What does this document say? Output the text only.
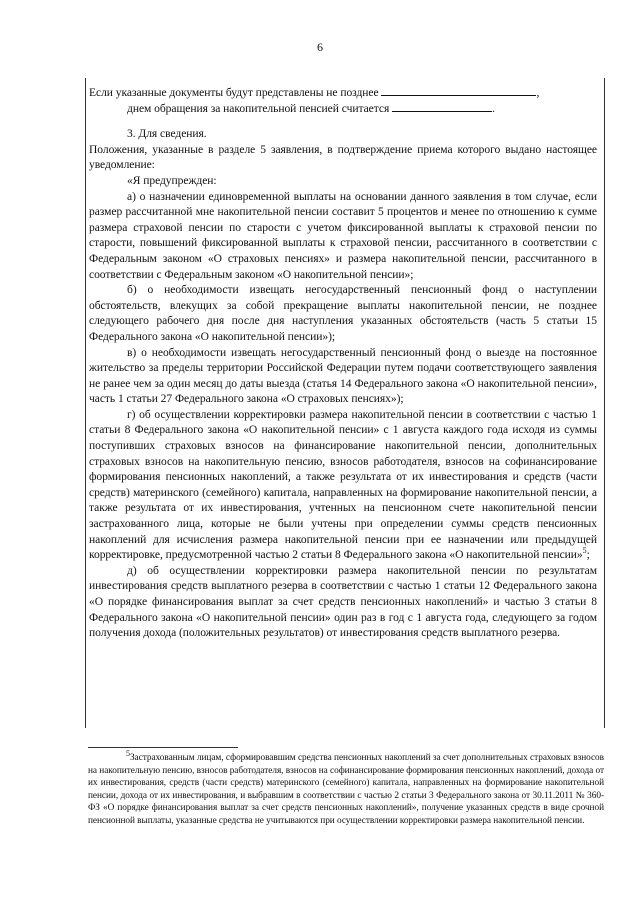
6

Если указанные документы будут представлены не позднее	,

днем обращения за накопительной пенсией считается	.

3. Для сведения.

Положения, указанные в разделе 5 заявления, в подтверждение приема которого выдано настоящее уведомление:

«Я предупрежден:

а) о назначении единовременной выплаты на основании данного заявления в том случае, если размер рассчитанной мне накопительной пенсии составит 5 процентов и менее по отношению к сумме размера страховой пенсии по старости с учетом фиксированной выплаты к страховой пенсии по старости, повышений фиксированной выплаты к страховой пенсии, рассчитанного в соответствии с Федеральным законом «О страховых пенсиях» и размера накопительной пенсии, рассчитанного в соответствии с Федеральным законом «О накопительной пенсии»;

б) о необходимости извещать негосударственный пенсионный фонд о наступлении обстоятельств, влекущих за собой прекращение выплаты накопительной пенсии, не позднее следующего рабочего дня после дня наступления указанных обстоятельств (часть 5 статьи 15 Федерального закона «О накопительной пенсии»);

в) о необходимости извещать негосударственный пенсионный фонд о выезде на постоянное жительство за пределы территории Российской Федерации путем подачи соответствующего заявления не ранее чем за один месяц до даты выезда (статья 14 Федерального закона «О накопительной пенсии», часть 1 статьи 27 Федерального закона «О страховых пенсиях»);

г) об осуществлении корректировки размера накопительной пенсии в соответствии с частью 1 статьи 8 Федерального закона «О накопительной пенсии» с 1 августа каждого года исходя из суммы поступивших страховых взносов на финансирование накопительной пенсии, дополнительных страховых взносов на накопительную пенсию, взносов работодателя, взносов на софинансирование формирования пенсионных накоплений, а также результата от их инвестирования и средств (части средств) материнского (семейного) капитала, направленных на формирование накопительной пенсии, а также результата от их инвестирования, учтенных на пенсионном счете накопительной пенсии застрахованного лица, которые не были учтены при определении суммы средств пенсионных накоплений для исчисления размера накопительной пенсии при ее назначении или предыдущей корректировке, предусмотренной частью 2 статьи 8 Федерального закона «О накопительной пенсии»$^5$;

д) об осуществлении корректировки размера накопительной пенсии по результатам инвестирования средств выплатного резерва в соответствии с частью 1 статьи 12 Федерального закона «О порядке финансирования выплат за счет средств пенсионных накоплений» и частью 3 статьи 8 Федерального закона «О накопительной пенсии» один раз в год с 1 августа года, следующего за годом получения дохода (положительных результатов) от инвестирования средств выплатного резерва.

5Застрахованным лицам, сформировавшим средства пенсионных накоплений за счет дополнительных страховых взносов на накопительную пенсию, взносов работодателя, взносов на софинансирование формирования пенсионных накоплений, дохода от их инвестирования, средств (части средств) материнского (семейного) капитала, направленных на формирование накопительной пенсии, дохода от их инвестирования, и выбравшим в соответствии с частью 2 статьи 3 Федерального закона от 30.11.2011 № 360-ФЗ «О порядке финансирования выплат за счет средств пенсионных накоплений», получение указанных средств в виде срочной пенсионной выплаты, указанные средства не учитываются при осуществлении корректировки размера накопительной пенсии.
